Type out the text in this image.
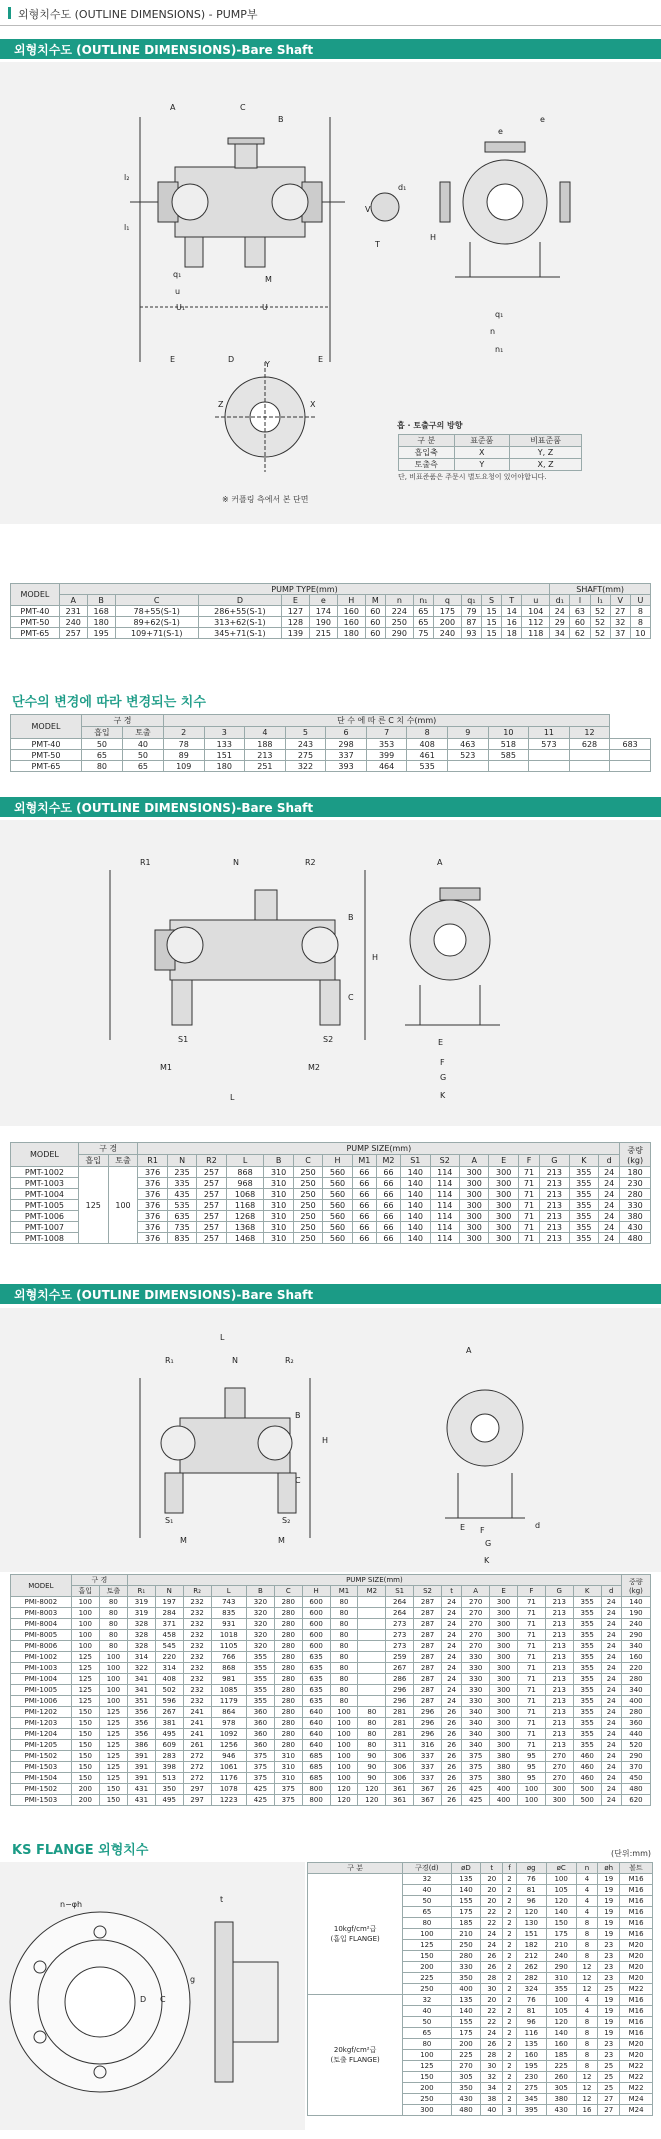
외형치수도 (OUTLINE DIMENSIONS) - PUMP부
외형치수도 (OUTLINE DIMENSIONS)-Bare Shaft
A	C
B
l₂
l₁
q₁
u
U₁
M
U
E	D	E
V
d₁
T
e
e
H
q₁
n
n₁
Y
Z	X
※ 커플링 측에서 본 단면
흡 · 토출구의 방향
구 분	표준품	비표준품
흡입축	X	Y, Z
토출측	Y	X, Z
단, 비표준품은 주문시 별도요청이 있어야합니다.
MODEL	PUMP TYPE(mm)															SHAFT(mm)				
	A	B	C	D	E	e	H	M	n	n₁	q	q₁	S	T	u	d₁	l	l₁	V	U
PMT-40	231	168	78+55(S-1)	286+55(S-1)	127	174	160	60	224	65	175	79	15	14	104	24	63	52	27	8
PMT-50	240	180	89+62(S-1)	313+62(S-1)	128	190	160	60	250	65	200	87	15	16	112	29	60	52	32	8
PMT-65	257	195	109+71(S-1)	345+71(S-1)	139	215	180	60	290	75	240	93	15	18	118	34	62	52	37	10
단수의 변경에 따라 변경되는 치수
MODEL	구 경		단 수 에 따 른 C 치 수(mm)											
	흡입	토출	2	3	4	5	6	7	8	9	10	11	12	
PMT-40	50	40	78	133	188	243	298	353	408	463	518	573	628	683
PMT-50	65	50	89	151	213	275	337	399	461	523	585			
PMT-65	80	65	109	180	251	322	393	464	535					
외형치수도 (OUTLINE DIMENSIONS)-Bare Shaft
R1	N	R2	A
B
H
C
S1	S2
M1	M2
E
F
G
K
L
MODEL	구 경		PUMP SIZE(mm)																	중량
(kg)
	흡입	토출	R1	N	R2	L	B	C	H	M1	M2	S1	S2	A	E	F	G	K	d	
PMT-1002	125	100	376	235	257	868	310	250	560	66	66	140	114	300	300	71	213	355	24	180
PMT-1003			376	335	257	968	310	250	560	66	66	140	114	300	300	71	213	355	24	230
PMT-1004			376	435	257	1068	310	250	560	66	66	140	114	300	300	71	213	355	24	280
PMT-1005			376	535	257	1168	310	250	560	66	66	140	114	300	300	71	213	355	24	330
PMT-1006			376	635	257	1268	310	250	560	66	66	140	114	300	300	71	213	355	24	380
PMT-1007			376	735	257	1368	310	250	560	66	66	140	114	300	300	71	213	355	24	430
PMT-1008			376	835	257	1468	310	250	560	66	66	140	114	300	300	71	213	355	24	480
외형치수도 (OUTLINE DIMENSIONS)-Bare Shaft
L
R₁	N	R₂
A
B
H
C
S₁	S₂
M	M
F
G
K
E	d
MODEL	구 경		PUMP SIZE(mm)																		중량
(kg)
	흡입	토출	R₁	N	R₂	L	B	C	H	M1	M2	S1	S2	t	A	E	F	G	K	d	
PMI-8002	100	80	319	197	232	743	320	280	600	80		264	287	24	270	300	71	213	355	24	140
PMI-8003	100	80	319	284	232	835	320	280	600	80		264	287	24	270	300	71	213	355	24	190
PMI-8004	100	80	328	371	232	931	320	280	600	80		273	287	24	270	300	71	213	355	24	240
PMI-8005	100	80	328	458	232	1018	320	280	600	80		273	287	24	270	300	71	213	355	24	290
PMI-8006	100	80	328	545	232	1105	320	280	600	80		273	287	24	270	300	71	213	355	24	340
PMI-1002	125	100	314	220	232	766	355	280	635	80		259	287	24	330	300	71	213	355	24	160
PMI-1003	125	100	322	314	232	868	355	280	635	80		267	287	24	330	300	71	213	355	24	220
PMI-1004	125	100	341	408	232	981	355	280	635	80		286	287	24	330	300	71	213	355	24	280
PMI-1005	125	100	341	502	232	1085	355	280	635	80		296	287	24	330	300	71	213	355	24	340
PMI-1006	125	100	351	596	232	1179	355	280	635	80		296	287	24	330	300	71	213	355	24	400
PMI-1202	150	125	356	267	241	864	360	280	640	100	80	281	296	26	340	300	71	213	355	24	280
PMI-1203	150	125	356	381	241	978	360	280	640	100	80	281	296	26	340	300	71	213	355	24	360
PMI-1204	150	125	356	495	241	1092	360	280	640	100	80	281	296	26	340	300	71	213	355	24	440
PMI-1205	150	125	386	609	261	1256	360	280	640	100	80	311	316	26	340	300	71	213	355	24	520
PMI-1502	150	125	391	283	272	946	375	310	685	100	90	306	337	26	375	380	95	270	460	24	290
PMI-1503	150	125	391	398	272	1061	375	310	685	100	90	306	337	26	375	380	95	270	460	24	370
PMI-1504	150	125	391	513	272	1176	375	310	685	100	90	306	337	26	375	380	95	270	460	24	450
PMI-1502	200	150	431	350	297	1078	425	375	800	120	120	361	367	26	425	400	100	300	500	24	480
PMI-1503	200	150	431	495	297	1223	425	375	800	120	120	361	367	26	425	400	100	300	500	24	620
KS FLANGE 외형치수	(단위:mm)
n−φh
D C
g
t
구 분	구경(d)	øD	t	f	øg	øC	n	øh	볼트
10kgf/cm²급
(흡입 FLANGE)	32	135	20	2	76	100	4	19	M16
	40	140	20	2	81	105	4	19	M16
	50	155	20	2	96	120	4	19	M16
	65	175	22	2	120	140	4	19	M16
	80	185	22	2	130	150	8	19	M16
	100	210	24	2	151	175	8	19	M16
	125	250	24	2	182	210	8	23	M20
	150	280	26	2	212	240	8	23	M20
	200	330	26	2	262	290	12	23	M20
	225	350	28	2	282	310	12	23	M20
	250	400	30	2	324	355	12	25	M22
20kgf/cm²급
(토출 FLANGE)	32	135	20	2	76	100	4	19	M16
	40	140	22	2	81	105	4	19	M16
	50	155	22	2	96	120	8	19	M16
	65	175	24	2	116	140	8	19	M16
	80	200	26	2	135	160	8	23	M20
	100	225	28	2	160	185	8	23	M20
	125	270	30	2	195	225	8	25	M22
	150	305	32	2	230	260	12	25	M22
	200	350	34	2	275	305	12	25	M22
	250	430	38	2	345	380	12	27	M24
	300	480	40	3	395	430	16	27	M24
